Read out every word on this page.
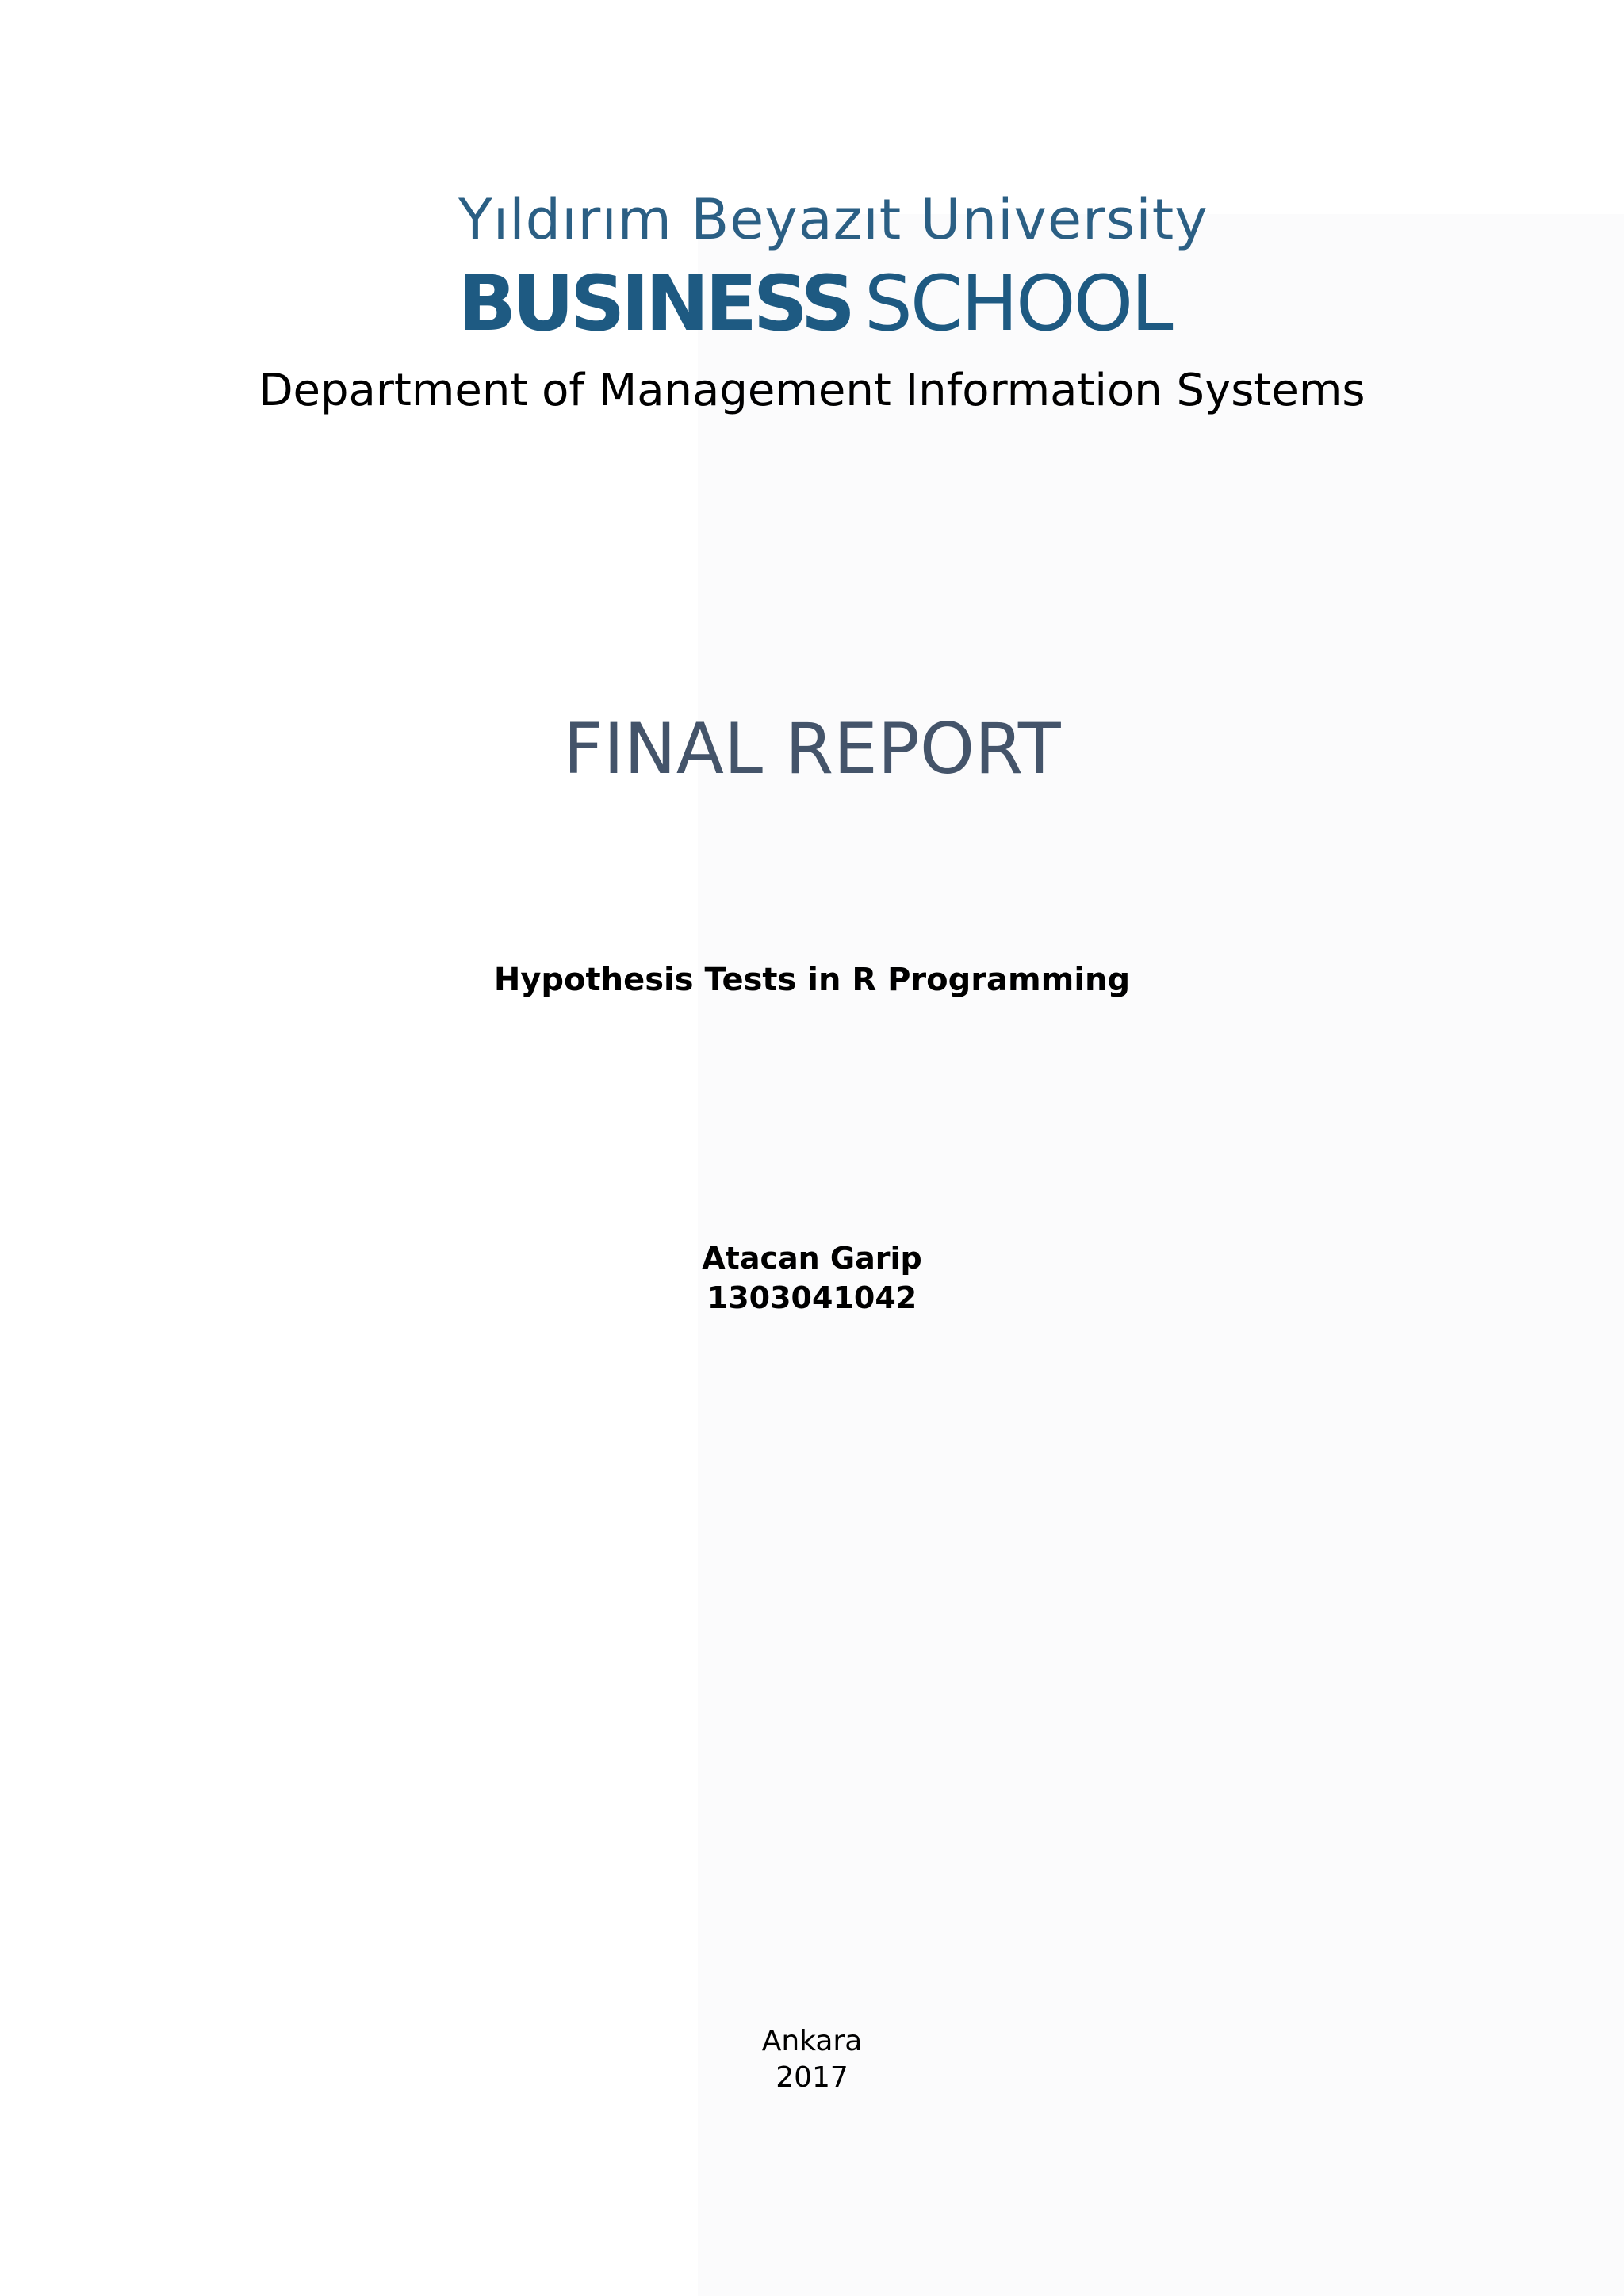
Yıldırım Beyazıt University
BUSINESS SCHOOL
Department of Management Information Systems
FINAL REPORT
Hypothesis Tests in R Programming
Atacan Garip
1303041042
Ankara
2017
